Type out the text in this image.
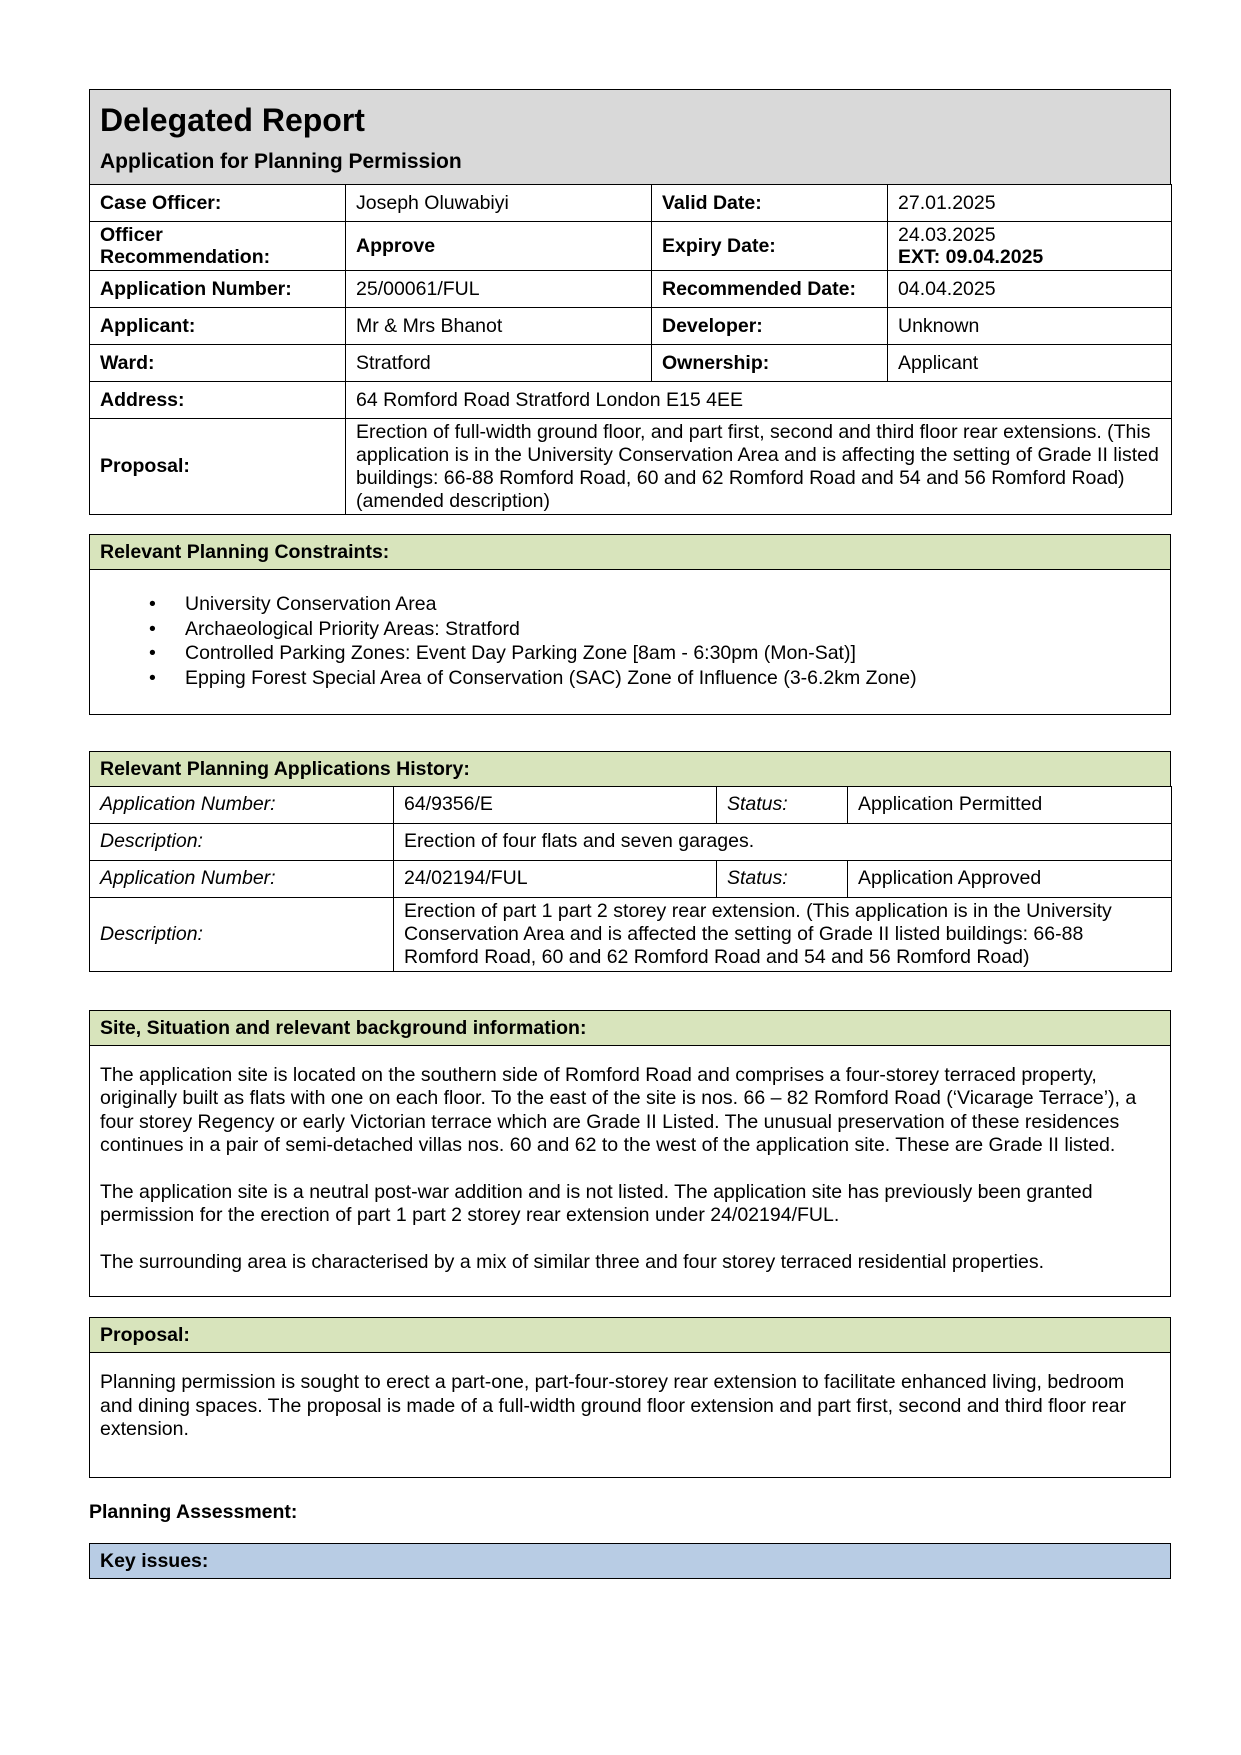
Delegated Report
Application for Planning Permission
Case Officer:	Joseph Oluwabiyi	Valid Date:	27.01.2025
Officer
Recommendation:	Approve	Expiry Date:	24.03.2025
EXT: 09.04.2025
Application Number:	25/00061/FUL	Recommended Date:	04.04.2025
Applicant:	Mr & Mrs Bhanot	Developer:	Unknown
Ward:	Stratford	Ownership:	Applicant
Address:	64 Romford Road Stratford London E15 4EE		
Proposal:	Erection of full-width ground floor, and part first, second and third floor rear extensions. (This application is in the University Conservation Area and is affecting the setting of Grade II listed buildings: 66-88 Romford Road, 60 and 62 Romford Road and 54 and 56 Romford Road) (amended description)		
Relevant Planning Constraints:
• University Conservation Area
• Archaeological Priority Areas: Stratford
• Controlled Parking Zones: Event Day Parking Zone [8am - 6:30pm (Mon-Sat)]
• Epping Forest Special Area of Conservation (SAC) Zone of Influence (3-6.2km Zone)
Relevant Planning Applications History:
Application Number:	64/9356/E	Status:	Application Permitted
Description:	Erection of four flats and seven garages.		
Application Number:	24/02194/FUL	Status:	Application Approved
Description:	Erection of part 1 part 2 storey rear extension. (This application is in the University Conservation Area and is affected the setting of Grade II listed buildings: 66-88 Romford Road, 60 and 62 Romford Road and 54 and 56 Romford Road)		
Site, Situation and relevant background information:

The application site is located on the southern side of Romford Road and comprises a four-storey terraced property, originally built as flats with one on each floor. To the east of the site is nos. 66 – 82 Romford Road (‘Vicarage Terrace’), a four storey Regency or early Victorian terrace which are Grade II Listed. The unusual preservation of these residences continues in a pair of semi-detached villas nos. 60 and 62 to the west of the application site. These are Grade II listed.

The application site is a neutral post-war addition and is not listed. The application site has previously been granted permission for the erection of part 1 part 2 storey rear extension under 24/02194/FUL.

The surrounding area is characterised by a mix of similar three and four storey terraced residential properties.

Proposal:

Planning permission is sought to erect a part-one, part-four-storey rear extension to facilitate enhanced living, bedroom and dining spaces. The proposal is made of a full-width ground floor extension and part first, second and third floor rear extension.

Planning Assessment:
Key issues:
